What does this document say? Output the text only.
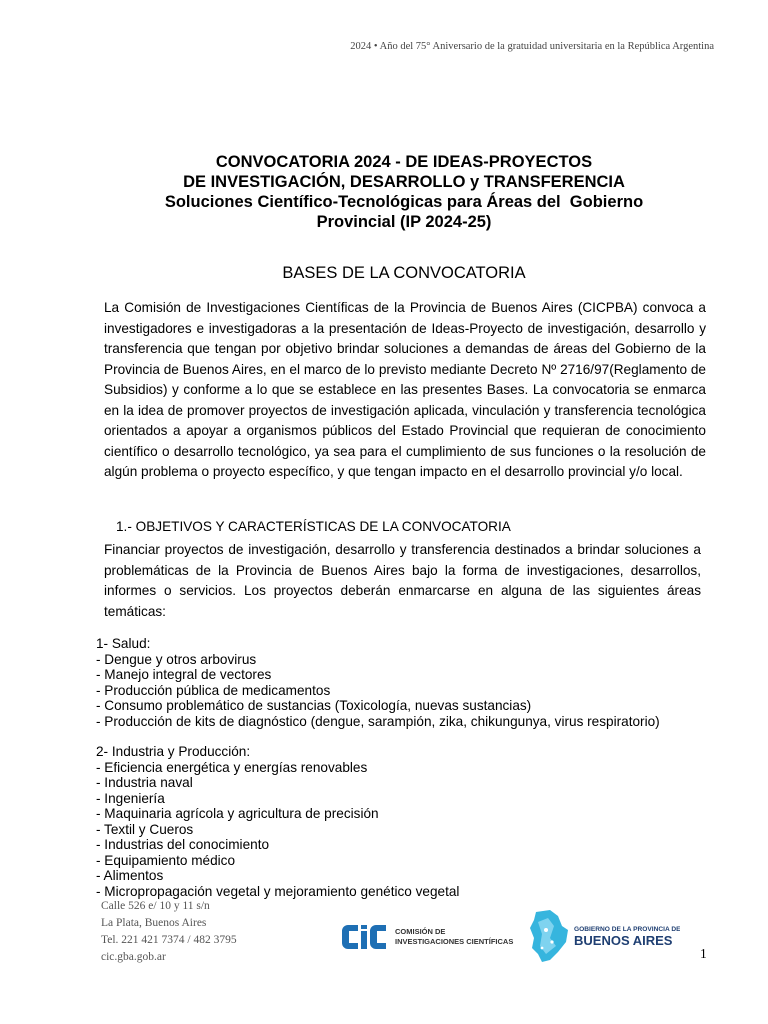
2024 • Año del 75° Aniversario de la gratuidad universitaria en la República Argentina
CONVOCATORIA 2024 - DE IDEAS-PROYECTOS
DE INVESTIGACIÓN, DESARROLLO y TRANSFERENCIA
Soluciones Científico-Tecnológicas para Áreas del  Gobierno
Provincial (IP 2024-25)
BASES DE LA CONVOCATORIA
La Comisión de Investigaciones Científicas de la Provincia de Buenos Aires (CICPBA) convoca a investigadores e investigadoras a la presentación de Ideas-Proyecto de investigación, desarrollo y transferencia que tengan por objetivo brindar soluciones a demandas de áreas del Gobierno de la Provincia de Buenos Aires, en el marco de lo previsto mediante Decreto Nº 2716/97(Reglamento de Subsidios) y conforme a lo que se establece en las presentes Bases. La convocatoria se enmarca en la idea de promover proyectos de investigación aplicada, vinculación y transferencia tecnológica orientados a apoyar a organismos públicos del Estado Provincial que requieran de conocimiento científico o desarrollo tecnológico, ya sea para el cumplimiento de sus funciones o la resolución de algún problema o proyecto específico, y que tengan impacto en el desarrollo provincial y/o local.
1.- OBJETIVOS Y CARACTERÍSTICAS DE LA CONVOCATORIA
Financiar proyectos de investigación, desarrollo y transferencia destinados a brindar soluciones a problemáticas de la Provincia de Buenos Aires bajo la forma de investigaciones, desarrollos, informes o servicios. Los proyectos deberán enmarcarse en alguna de las siguientes áreas temáticas:
1- Salud:
- Dengue y otros arbovirus
- Manejo integral de vectores
- Producción pública de medicamentos
- Consumo problemático de sustancias (Toxicología, nuevas sustancias)
- Producción de kits de diagnóstico (dengue, sarampión, zika, chikungunya, virus respiratorio)
2- Industria y Producción:
- Eficiencia energética y energías renovables
- Industria naval
- Ingeniería
- Maquinaria agrícola y agricultura de precisión
- Textil y Cueros
- Industrias del conocimiento
- Equipamiento médico
- Alimentos
- Micropropagación vegetal y mejoramiento genético vegetal
Calle 526 e/ 10 y 11 s/n
La Plata, Buenos Aires
Tel. 221 421 7374 / 482 3795
cic.gba.gob.ar
COMISIÓN DE
INVESTIGACIONES CIENTÍFICAS
GOBIERNO DE LA PROVINCIA DE
BUENOS AIRES
1
